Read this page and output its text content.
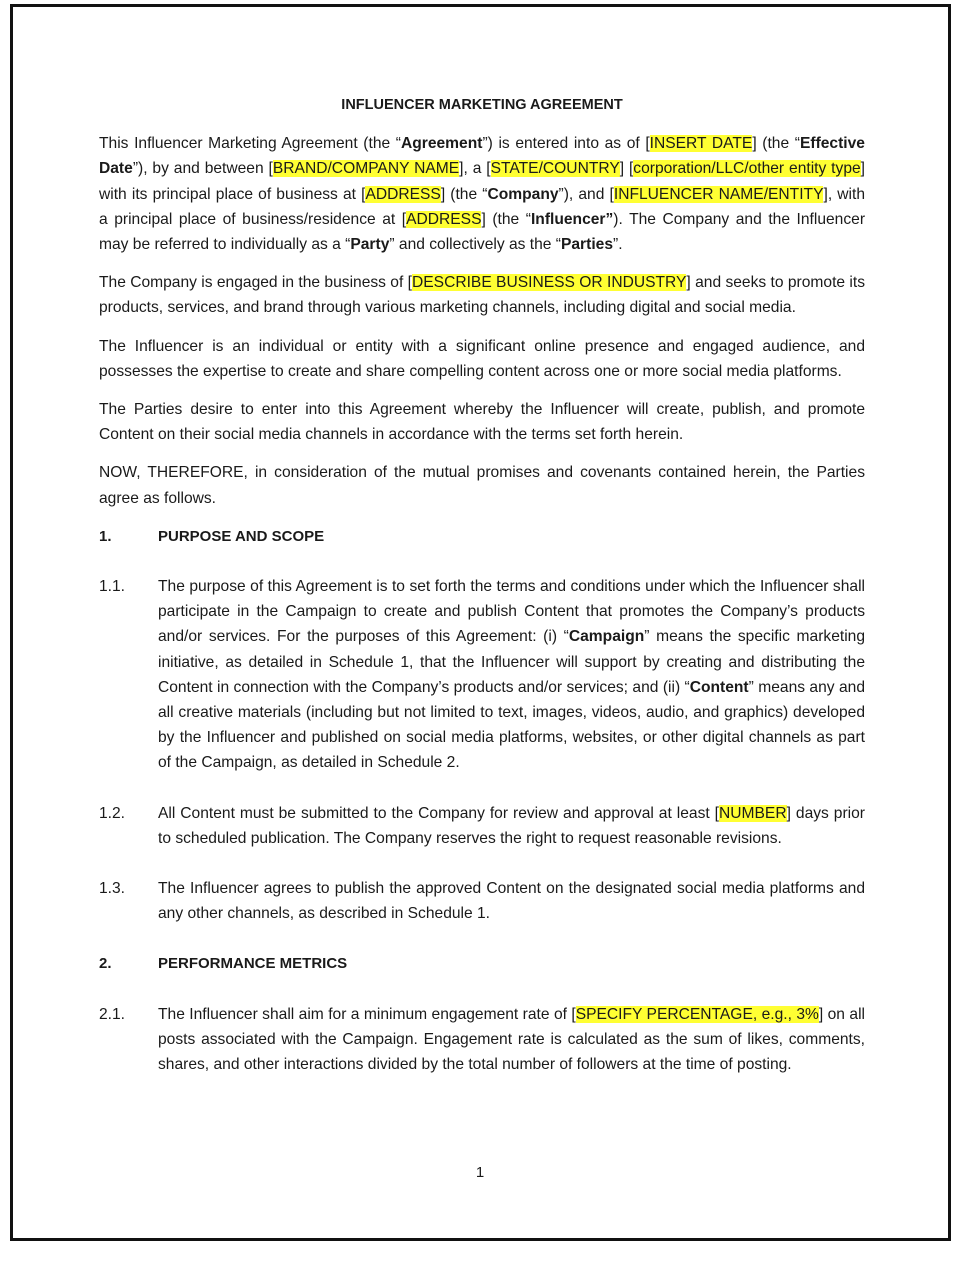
INFLUENCER MARKETING AGREEMENT

This Influencer Marketing Agreement (the “Agreement”) is entered into as of [INSERT DATE] (the “Effective Date”), by and between [BRAND/COMPANY NAME], a [STATE/COUNTRY] [corporation/LLC/other entity type] with its principal place of business at [ADDRESS] (the “Company”), and [INFLUENCER NAME/ENTITY], with a principal place of business/residence at [ADDRESS] (the “Influencer”). The Company and the Influencer may be referred to individually as a “Party” and collectively as the “Parties”.

The Company is engaged in the business of [DESCRIBE BUSINESS OR INDUSTRY] and seeks to promote its products, services, and brand through various marketing channels, including digital and social media.

The Influencer is an individual or entity with a significant online presence and engaged audience, and possesses the expertise to create and share compelling content across one or more social media platforms.

The Parties desire to enter into this Agreement whereby the Influencer will create, publish, and promote Content on their social media channels in accordance with the terms set forth herein.

NOW, THEREFORE, in consideration of the mutual promises and covenants contained herein, the Parties agree as follows.

1.	PURPOSE AND SCOPE
1.1.	The purpose of this Agreement is to set forth the terms and conditions under which the Influencer shall participate in the Campaign to create and publish Content that promotes the Company’s products and/or services. For the purposes of this Agreement: (i) “Campaign” means the specific marketing initiative, as detailed in Schedule 1, that the Influencer will support by creating and distributing the Content in connection with the Company’s products and/or services; and (ii) “Content” means any and all creative materials (including but not limited to text, images, videos, audio, and graphics) developed by the Influencer and published on social media platforms, websites, or other digital channels as part of the Campaign, as detailed in Schedule 2.
1.2.	All Content must be submitted to the Company for review and approval at least [NUMBER] days prior to scheduled publication. The Company reserves the right to request reasonable revisions.
1.3.	The Influencer agrees to publish the approved Content on the designated social media platforms and any other channels, as described in Schedule 1.
2.	PERFORMANCE METRICS
2.1.	The Influencer shall aim for a minimum engagement rate of [SPECIFY PERCENTAGE, e.g., 3%] on all posts associated with the Campaign. Engagement rate is calculated as the sum of likes, comments, shares, and other interactions divided by the total number of followers at the time of posting.
1
